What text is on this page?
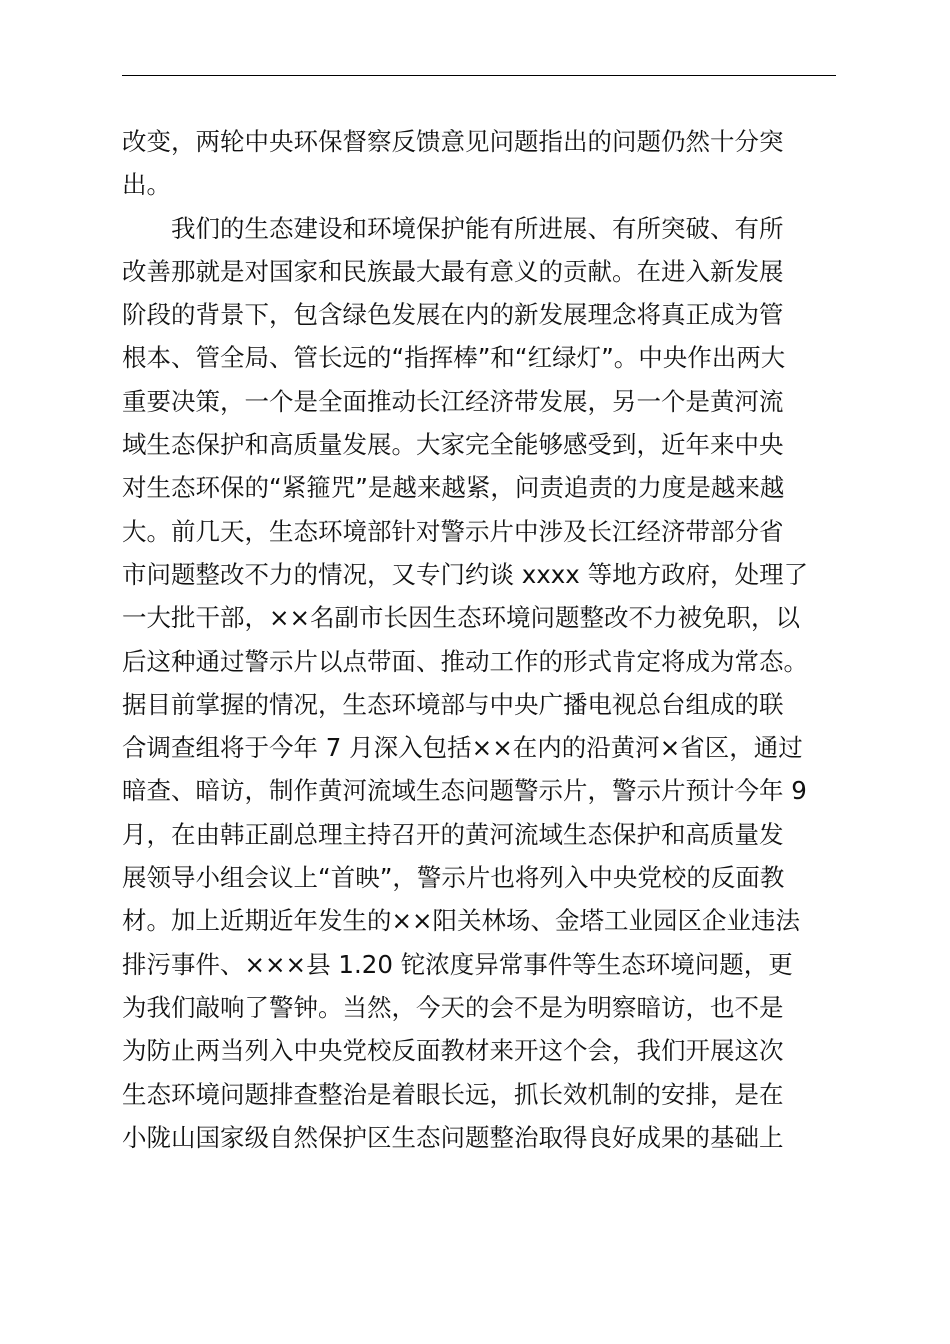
改变，两轮中央环保督察反馈意见问题指出的问题仍然十分突
出。
我们的生态建设和环境保护能有所进展、有所突破、有所
改善那就是对国家和民族最大最有意义的贡献。在进入新发展
阶段的背景下，包含绿色发展在内的新发展理念将真正成为管
根本、管全局、管长远的“指挥棒”和“红绿灯”。中央作出两大
重要决策，一个是全面推动长江经济带发展，另一个是黄河流
域生态保护和高质量发展。大家完全能够感受到，近年来中央
对生态环保的“紧箍咒”是越来越紧，问责追责的力度是越来越
大。前几天，生态环境部针对警示片中涉及长江经济带部分省
市问题整改不力的情况，又专门约谈 xxxx 等地方政府，处理了
一大批干部，××名副市长因生态环境问题整改不力被免职，以
后这种通过警示片以点带面、推动工作的形式肯定将成为常态。
据目前掌握的情况，生态环境部与中央广播电视总台组成的联
合调查组将于今年 7 月深入包括××在内的沿黄河×省区，通过
暗查、暗访，制作黄河流域生态问题警示片，警示片预计今年 9
月，在由韩正副总理主持召开的黄河流域生态保护和高质量发
展领导小组会议上“首映”，警示片也将列入中央党校的反面教
材。加上近期近年发生的××阳关林场、金塔工业园区企业违法
排污事件、×××县 1.20 铊浓度异常事件等生态环境问题，更
为我们敲响了警钟。当然，今天的会不是为明察暗访，也不是
为防止两当列入中央党校反面教材来开这个会，我们开展这次
生态环境问题排查整治是着眼长远，抓长效机制的安排，是在
小陇山国家级自然保护区生态问题整治取得良好成果的基础上
